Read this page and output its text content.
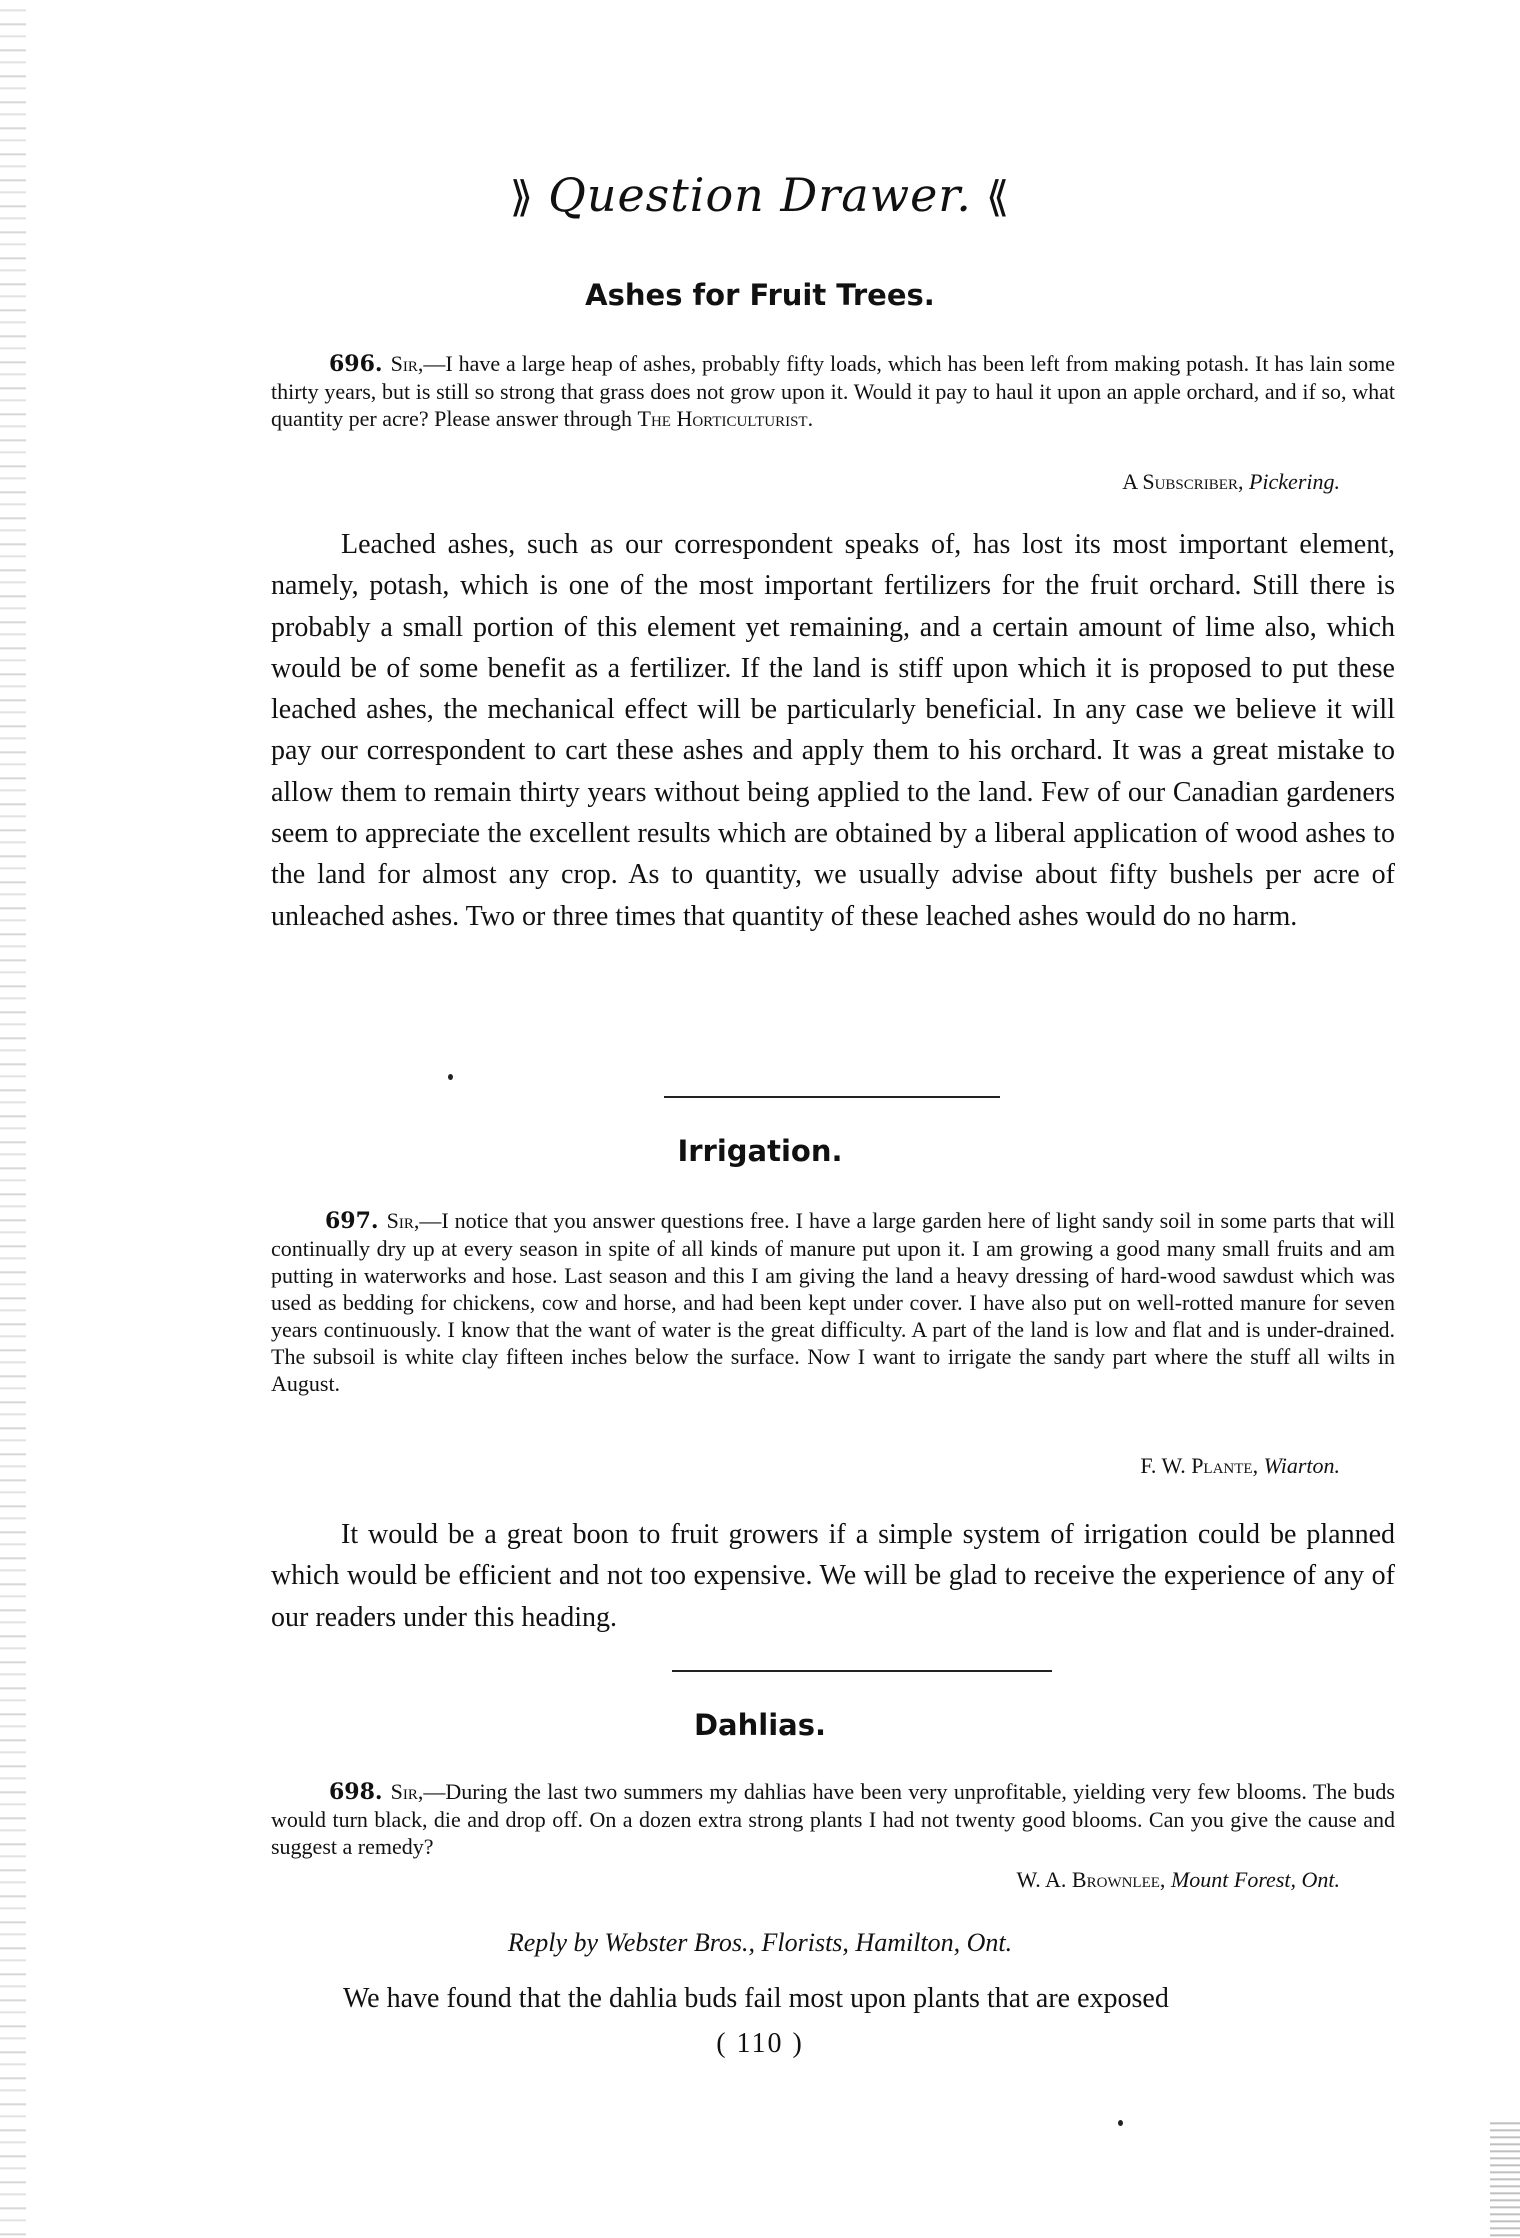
⟫ Question Drawer. ⟪
Ashes for Fruit Trees.

696. Sir,—I have a large heap of ashes, probably fifty loads, which has been left from making potash. It has lain some thirty years, but is still so strong that grass does not grow upon it. Would it pay to haul it upon an apple orchard, and if so, what quantity per acre? Please answer through The Horticulturist.

A Subscriber, Pickering.

Leached ashes, such as our correspondent speaks of, has lost its most important element, namely, potash, which is one of the most important fertilizers for the fruit orchard. Still there is probably a small portion of this element yet remaining, and a certain amount of lime also, which would be of some benefit as a fertilizer. If the land is stiff upon which it is proposed to put these leached ashes, the mechanical effect will be particularly beneficial. In any case we believe it will pay our correspondent to cart these ashes and apply them to his orchard. It was a great mistake to allow them to remain thirty years without being applied to the land. Few of our Canadian gardeners seem to appreciate the excellent results which are obtained by a liberal application of wood ashes to the land for almost any crop. As to quantity, we usually advise about fifty bushels per acre of unleached ashes. Two or three times that quantity of these leached ashes would do no harm.

Irrigation.

697. Sir,—I notice that you answer questions free. I have a large garden here of light sandy soil in some parts that will continually dry up at every season in spite of all kinds of manure put upon it. I am growing a good many small fruits and am putting in waterworks and hose. Last season and this I am giving the land a heavy dressing of hard-wood sawdust which was used as bedding for chickens, cow and horse, and had been kept under cover. I have also put on well-rotted manure for seven years continuously. I know that the want of water is the great difficulty. A part of the land is low and flat and is under-drained. The subsoil is white clay fifteen inches below the surface. Now I want to irrigate the sandy part where the stuff all wilts in August.

F. W. Plante, Wiarton.

It would be a great boon to fruit growers if a simple system of irrigation could be planned which would be efficient and not too expensive. We will be glad to receive the experience of any of our readers under this heading.

Dahlias.

698. Sir,—During the last two summers my dahlias have been very unprofitable, yielding very few blooms. The buds would turn black, die and drop off. On a dozen extra strong plants I had not twenty good blooms. Can you give the cause and suggest a remedy?

W. A. Brownlee, Mount Forest, Ont.
Reply by Webster Bros., Florists, Hamilton, Ont.

We have found that the dahlia buds fail most upon plants that are exposed

( 110 )
